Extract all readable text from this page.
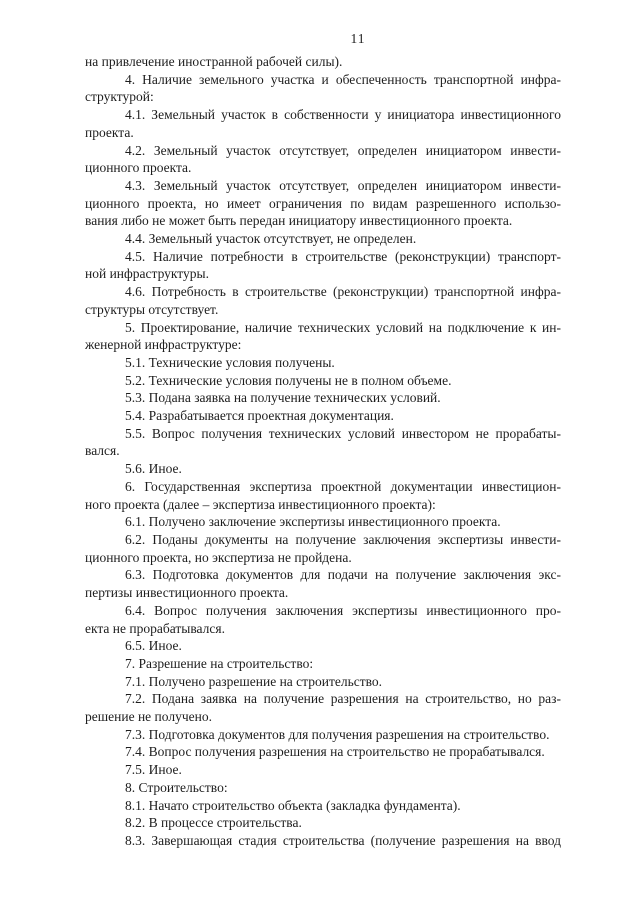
11
на привлечение иностранной рабочей силы).
4. Наличие земельного участка и обеспеченность транспортной инфра-
структурой:
4.1. Земельный участок в собственности у инициатора инвестиционного
проекта.
4.2. Земельный участок отсутствует, определен инициатором инвести-
ционного проекта.
4.3. Земельный участок отсутствует, определен инициатором инвести-
ционного проекта, но имеет ограничения по видам разрешенного использо-
вания либо не может быть передан инициатору инвестиционного проекта.
4.4. Земельный участок отсутствует, не определен.
4.5. Наличие потребности в строительстве (реконструкции) транспорт-
ной инфраструктуры.
4.6. Потребность в строительстве (реконструкции) транспортной инфра-
структуры отсутствует.
5. Проектирование, наличие технических условий на подключение к ин-
женерной инфраструктуре:
5.1. Технические условия получены.
5.2. Технические условия получены не в полном объеме.
5.3. Подана заявка на получение технических условий.
5.4. Разрабатывается проектная документация.
5.5. Вопрос получения технических условий инвестором не прорабаты-
вался.
5.6. Иное.
6. Государственная экспертиза проектной документации инвестицион-
ного проекта (далее – экспертиза инвестиционного проекта):
6.1. Получено заключение экспертизы инвестиционного проекта.
6.2. Поданы документы на получение заключения экспертизы инвести-
ционного проекта, но экспертиза не пройдена.
6.3. Подготовка документов для подачи на получение заключения экс-
пертизы инвестиционного проекта.
6.4. Вопрос получения заключения экспертизы инвестиционного про-
екта не прорабатывался.
6.5. Иное.
7. Разрешение на строительство:
7.1. Получено разрешение на строительство.
7.2. Подана заявка на получение разрешения на строительство, но раз-
решение не получено.
7.3. Подготовка документов для получения разрешения на строительство.
7.4. Вопрос получения разрешения на строительство не прорабатывался.
7.5. Иное.
8. Строительство:
8.1. Начато строительство объекта (закладка фундамента).
8.2. В процессе строительства.
8.3. Завершающая стадия строительства (получение разрешения на ввод
